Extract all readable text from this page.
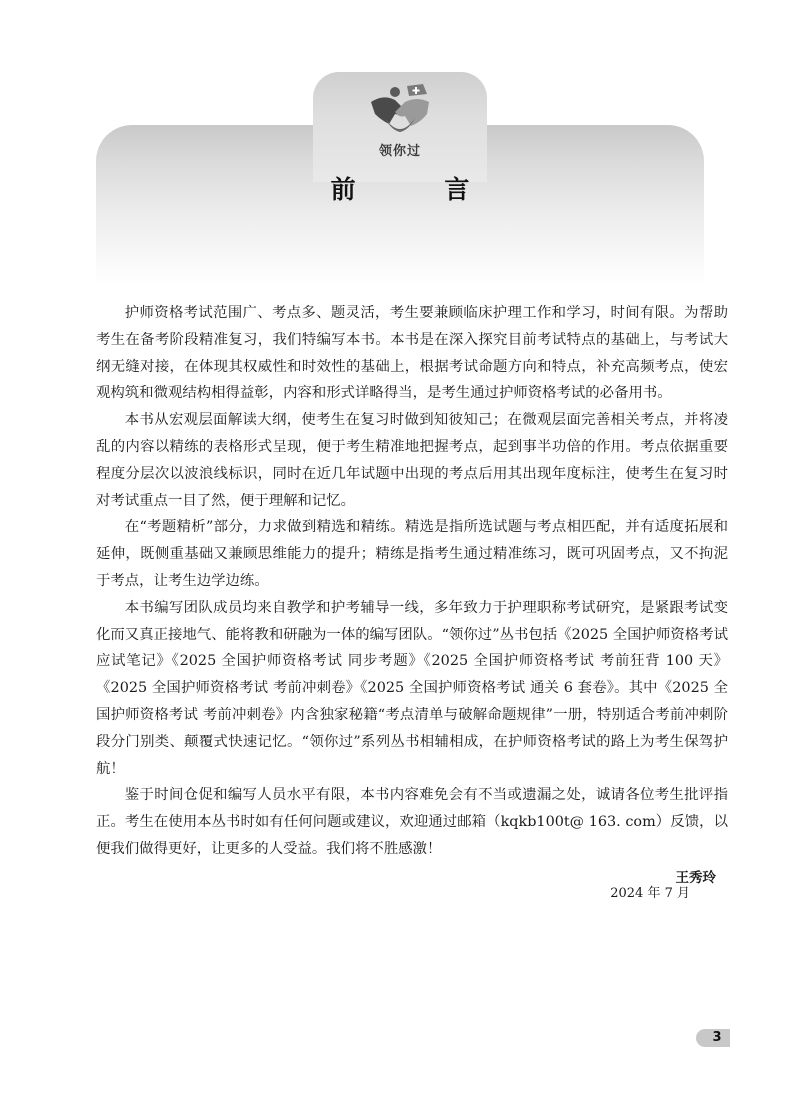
领你过
前 言

护师资格考试范围广、考点多、题灵活，考生要兼顾临床护理工作和学习，时间有限。为帮助考生在备考阶段精准复习，我们特编写本书。本书是在深入探究目前考试特点的基础上，与考试大纲无缝对接，在体现其权威性和时效性的基础上，根据考试命题方向和特点，补充高频考点，使宏观构筑和微观结构相得益彰，内容和形式详略得当，是考生通过护师资格考试的必备用书。

本书从宏观层面解读大纲，使考生在复习时做到知彼知己；在微观层面完善相关考点，并将凌乱的内容以精练的表格形式呈现，便于考生精准地把握考点，起到事半功倍的作用。考点依据重要程度分层次以波浪线标识，同时在近几年试题中出现的考点后用其出现年度标注，使考生在复习时对考试重点一目了然，便于理解和记忆。

在“考题精析”部分，力求做到精选和精练。精选是指所选试题与考点相匹配，并有适度拓展和延伸，既侧重基础又兼顾思维能力的提升；精练是指考生通过精准练习，既可巩固考点，又不拘泥于考点，让考生边学边练。

本书编写团队成员均来自教学和护考辅导一线，多年致力于护理职称考试研究，是紧跟考试变化而又真正接地气、能将教和研融为一体的编写团队。“领你过”丛书包括《2025 全国护师资格考试 应试笔记》《2025 全国护师资格考试 同步考题》《2025 全国护师资格考试 考前狂背 100 天》《2025 全国护师资格考试 考前冲刺卷》《2025 全国护师资格考试 通关 6 套卷》。其中《2025 全国护师资格考试 考前冲刺卷》内含独家秘籍“考点清单与破解命题规律”一册，特别适合考前冲刺阶段分门别类、颠覆式快速记忆。“领你过”系列丛书相辅相成，在护师资格考试的路上为考生保驾护航！

鉴于时间仓促和编写人员水平有限，本书内容难免会有不当或遗漏之处，诚请各位考生批评指正。考生在使用本丛书时如有任何问题或建议，欢迎通过邮箱（kqkb100t@ 163. com）反馈，以便我们做得更好，让更多的人受益。我们将不胜感激！

王秀玲
2024 年 7 月
3
